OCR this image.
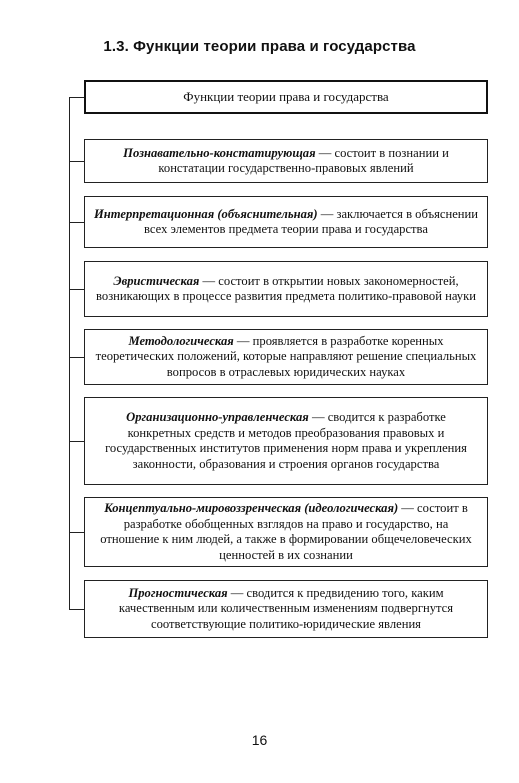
1.3. Функции теории права и государства
Функции теории права и государства
Познавательно-констатирующая — состоит в познании и констатации государственно-правовых явлений
Интерпретационная (объяснительная) — заключается в объяснении всех элементов предмета теории права и государства
Эвристическая — состоит в открытии новых закономерностей, возникающих в процессе развития предмета политико-правовой науки
Методологическая — проявляется в разработке коренных теоретических положений, которые направляют решение специальных вопросов в отраслевых юридических науках
Организационно-управленческая — сводится к разработке конкретных средств и методов преобразования правовых и государственных институтов применения норм права и укрепления законности, образования и строения органов государства
Концептуально-мировоззренческая (идеологическая) — состоит в разработке обобщенных взглядов на право и государство, на отношение к ним людей, а также в формировании общечеловеческих ценностей в их сознании
Прогностическая — сводится к предвидению того, каким качественным или количественным изменениям подвергнутся соответствующие политико-юридические явления
16
